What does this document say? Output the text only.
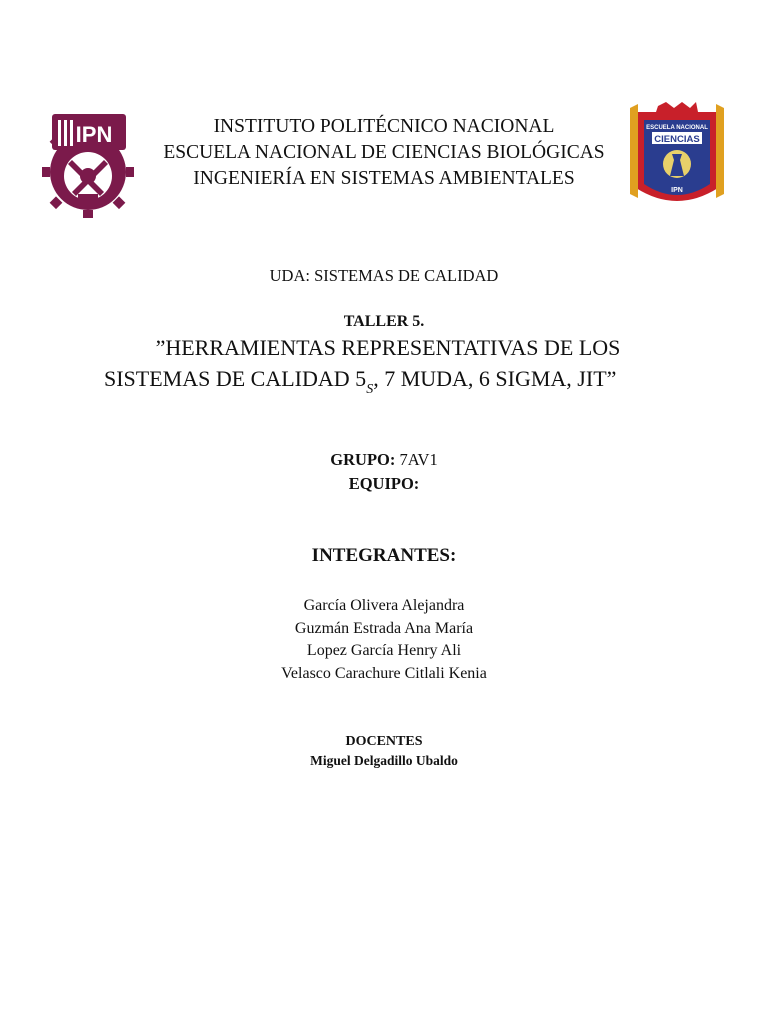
IPN	CIENCIAS
ESCUELA NACIONAL
IPN
INSTITUTO POLITÉCNICO NACIONAL
ESCUELA NACIONAL DE CIENCIAS BIOLÓGICAS
INGENIERÍA EN SISTEMAS AMBIENTALES
UDA: SISTEMAS DE CALIDAD
TALLER 5.
”HERRAMIENTAS REPRESENTATIVAS DE LOS
SISTEMAS DE CALIDAD $5_S$, 7 MUDA, 6 SIGMA, JIT”
GRUPO: 7AV1
EQUIPO:
INTEGRANTES:
García Olivera Alejandra
Guzmán Estrada Ana María
Lopez García Henry Ali
Velasco Carachure Citlali Kenia
DOCENTES
Miguel Delgadillo Ubaldo
